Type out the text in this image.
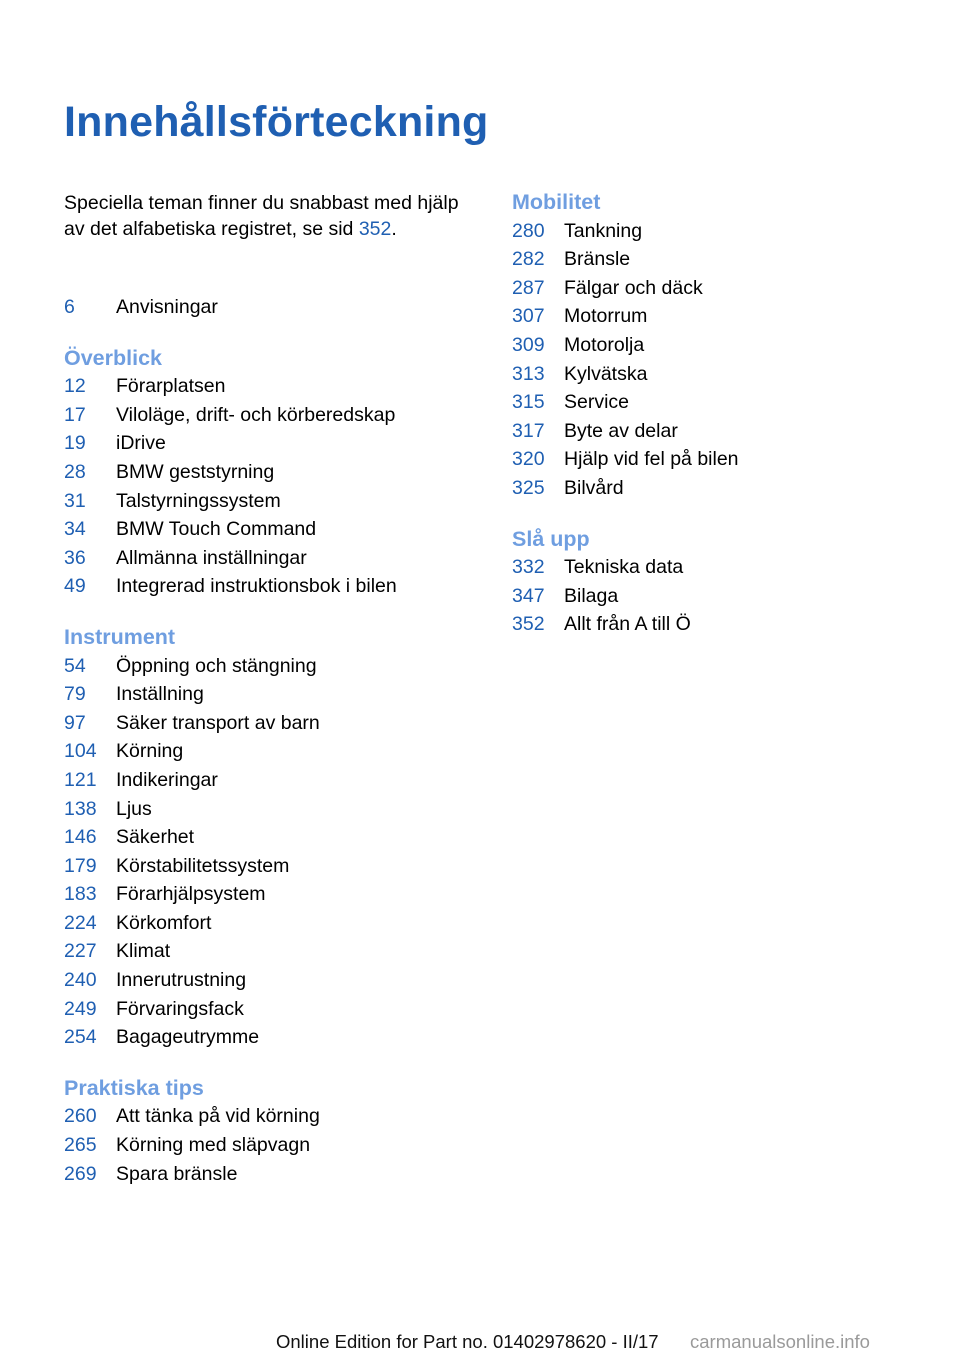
Innehållsförteckning
Speciella teman finner du snabbast med hjälp av det alfabetiska registret, se sid 352.
6	Anvisningar
Överblick
12	Förarplatsen
17	Viloläge, drift- och körberedskap
19	iDrive
28	BMW geststyrning
31	Talstyrningssystem
34	BMW Touch Command
36	Allmänna inställningar
49	Integrerad instruktionsbok i bilen
Instrument
54	Öppning och stängning
79	Inställning
97	Säker transport av barn
104 Körning
121 Indikeringar
138 Ljus
146 Säkerhet
179 Körstabilitetssystem
183 Förarhjälpsystem
224 Körkomfort
227 Klimat
240 Innerutrustning
249 Förvaringsfack
254 Bagageutrymme
Praktiska tips
260 Att tänka på vid körning
265 Körning med släpvagn
269 Spara bränsle
Mobilitet
280 Tankning
282 Bränsle
287 Fälgar och däck
307 Motorrum
309 Motorolja
313 Kylvätska
315 Service
317 Byte av delar
320 Hjälp vid fel på bilen
325 Bilvård
Slå upp
332 Tekniska data
347 Bilaga
352 Allt från A till Ö
Online Edition for Part no. 01402978620 - II/17 carmanualsonline.info
